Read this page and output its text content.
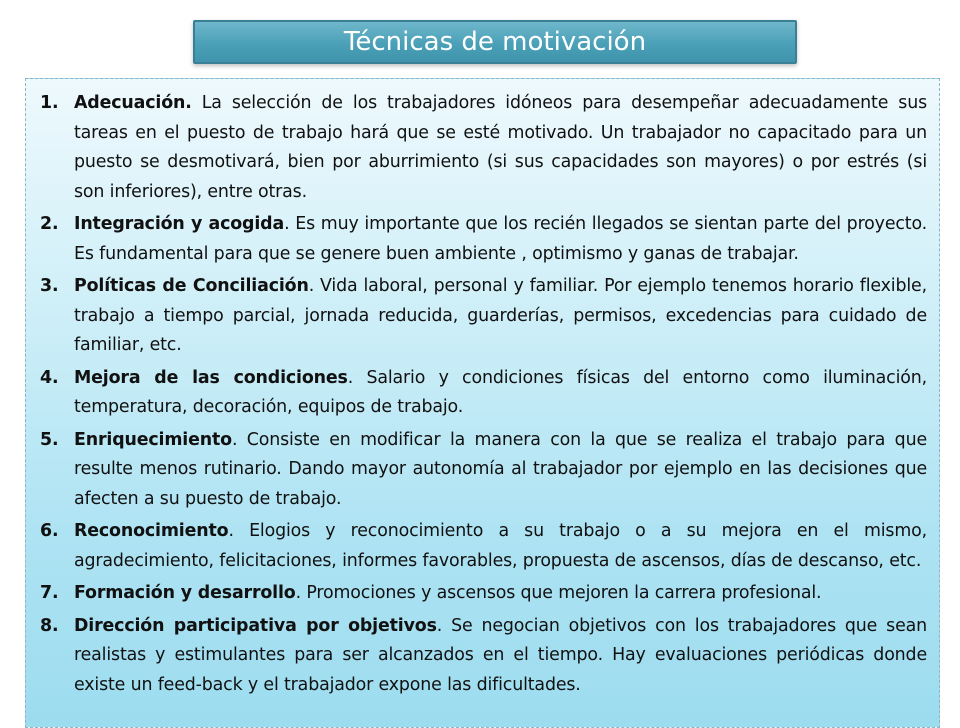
Técnicas de motivación
1. Adecuación. La selección de los trabajadores idóneos para desempeñar adecuadamente sus tareas en el puesto de trabajo hará que se esté motivado. Un trabajador no capacitado para un puesto se desmotivará, bien por aburrimiento (si sus capacidades son mayores) o por estrés (si son inferiores), entre otras.
2. Integración y acogida. Es muy importante que los recién llegados se sientan parte del proyecto. Es fundamental para que se genere buen ambiente , optimismo y ganas de trabajar.
3. Políticas de Conciliación. Vida laboral, personal y familiar. Por ejemplo tenemos horario flexible, trabajo a tiempo parcial, jornada reducida, guarderías, permisos, excedencias para cuidado de familiar, etc.
4. Mejora de las condiciones. Salario y condiciones físicas del entorno como iluminación, temperatura, decoración, equipos de trabajo.
5. Enriquecimiento. Consiste en modificar la manera con la que se realiza el trabajo para que resulte menos rutinario. Dando mayor autonomía al trabajador por ejemplo en las decisiones que afecten a su puesto de trabajo.
6. Reconocimiento. Elogios y reconocimiento a su trabajo o a su mejora en el mismo, agradecimiento, felicitaciones, informes favorables, propuesta de ascensos, días de descanso, etc.
7. Formación y desarrollo. Promociones y ascensos que mejoren la carrera profesional.
8. Dirección participativa por objetivos. Se negocian objetivos con los trabajadores que sean realistas y estimulantes para ser alcanzados en el tiempo. Hay evaluaciones periódicas donde existe un feed-back y el trabajador expone las dificultades.
